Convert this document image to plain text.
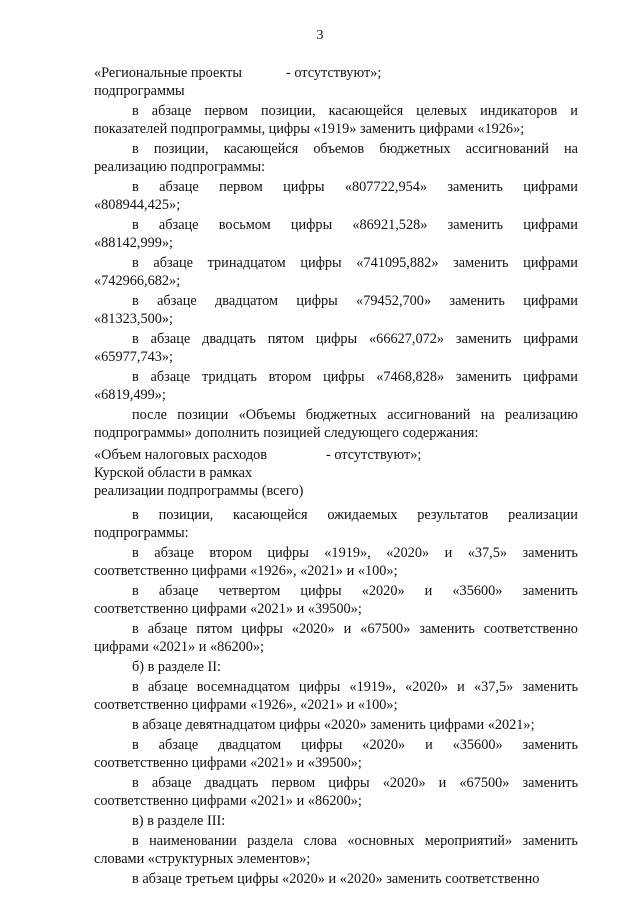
3
«Региональные проекты
подпрограммы
- отсутствуют»;
в абзаце первом позиции, касающейся целевых индикаторов и
показателей подпрограммы, цифры «1919» заменить цифрами «1926»;
в позиции, касающейся объемов бюджетных ассигнований на
реализацию подпрограммы:
в абзаце первом цифры «807722,954» заменить цифрами
«808944,425»;
в абзаце восьмом цифры «86921,528» заменить цифрами
«88142,999»;
в абзаце тринадцатом цифры «741095,882» заменить цифрами
«742966,682»;
в абзаце двадцатом цифры «79452,700» заменить цифрами
«81323,500»;
в абзаце двадцать пятом цифры «66627,072» заменить цифрами
«65977,743»;
в абзаце тридцать втором цифры «7468,828» заменить цифрами
«6819,499»;
после позиции «Объемы бюджетных ассигнований на реализацию
подпрограммы» дополнить позицией следующего содержания:
«Объем налоговых расходов
Курской области в рамках
реализации подпрограммы (всего)
- отсутствуют»;
в позиции, касающейся ожидаемых результатов реализации
подпрограммы:
в абзаце втором цифры «1919», «2020» и «37,5» заменить
соответственно цифрами «1926», «2021» и «100»;
в абзаце четвертом цифры «2020» и «35600» заменить
соответственно цифрами «2021» и «39500»;
в абзаце пятом цифры «2020» и «67500» заменить соответственно
цифрами «2021» и «86200»;
б) в разделе II:
в абзаце восемнадцатом цифры «1919», «2020» и «37,5» заменить
соответственно цифрами «1926», «2021» и «100»;
в абзаце девятнадцатом цифры «2020» заменить цифрами «2021»;
в абзаце двадцатом цифры «2020» и «35600» заменить
соответственно цифрами «2021» и «39500»;
в абзаце двадцать первом цифры «2020» и «67500» заменить
соответственно цифрами «2021» и «86200»;
в) в разделе III:
в наименовании раздела слова «основных мероприятий» заменить
словами «структурных элементов»;
в абзаце третьем цифры «2020» и «2020» заменить соответственно
